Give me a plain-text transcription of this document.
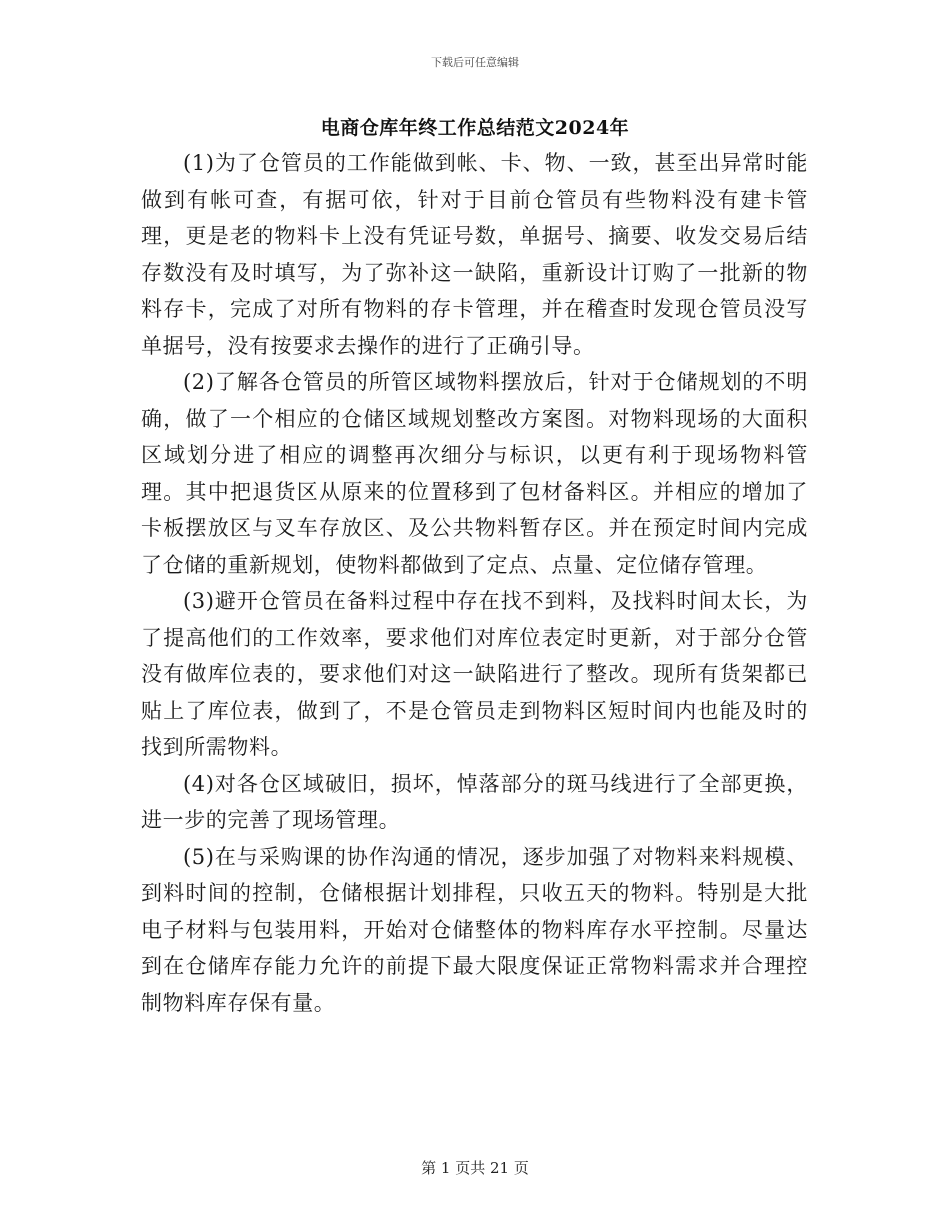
下载后可任意编辑
电商仓库年终工作总结范文2024年

(1)为了仓管员的工作能做到帐、卡、物、一致，甚至出异常时能做到有帐可查，有据可依，针对于目前仓管员有些物料没有建卡管理，更是老的物料卡上没有凭证号数，单据号、摘要、收发交易后结存数没有及时填写，为了弥补这一缺陷，重新设计订购了一批新的物料存卡，完成了对所有物料的存卡管理，并在稽查时发现仓管员没写单据号，没有按要求去操作的进行了正确引导。

(2)了解各仓管员的所管区域物料摆放后，针对于仓储规划的不明确，做了一个相应的仓储区域规划整改方案图。对物料现场的大面积区域划分进了相应的调整再次细分与标识，以更有利于现场物料管理。其中把退货区从原来的位置移到了包材备料区。并相应的增加了卡板摆放区与叉车存放区、及公共物料暂存区。并在预定时间内完成了仓储的重新规划，使物料都做到了定点、点量、定位储存管理。

(3)避开仓管员在备料过程中存在找不到料，及找料时间太长，为了提高他们的工作效率，要求他们对库位表定时更新，对于部分仓管没有做库位表的，要求他们对这一缺陷进行了整改。现所有货架都已贴上了库位表，做到了，不是仓管员走到物料区短时间内也能及时的找到所需物料。

(4)对各仓区域破旧，损坏，悼落部分的斑马线进行了全部更换，进一步的完善了现场管理。

(5)在与采购课的协作沟通的情况，逐步加强了对物料来料规模、到料时间的控制，仓储根据计划排程，只收五天的物料。特别是大批电子材料与包装用料，开始对仓储整体的物料库存水平控制。尽量达到在仓储库存能力允许的前提下最大限度保证正常物料需求并合理控制物料库存保有量。

第 1 页共 21 页
